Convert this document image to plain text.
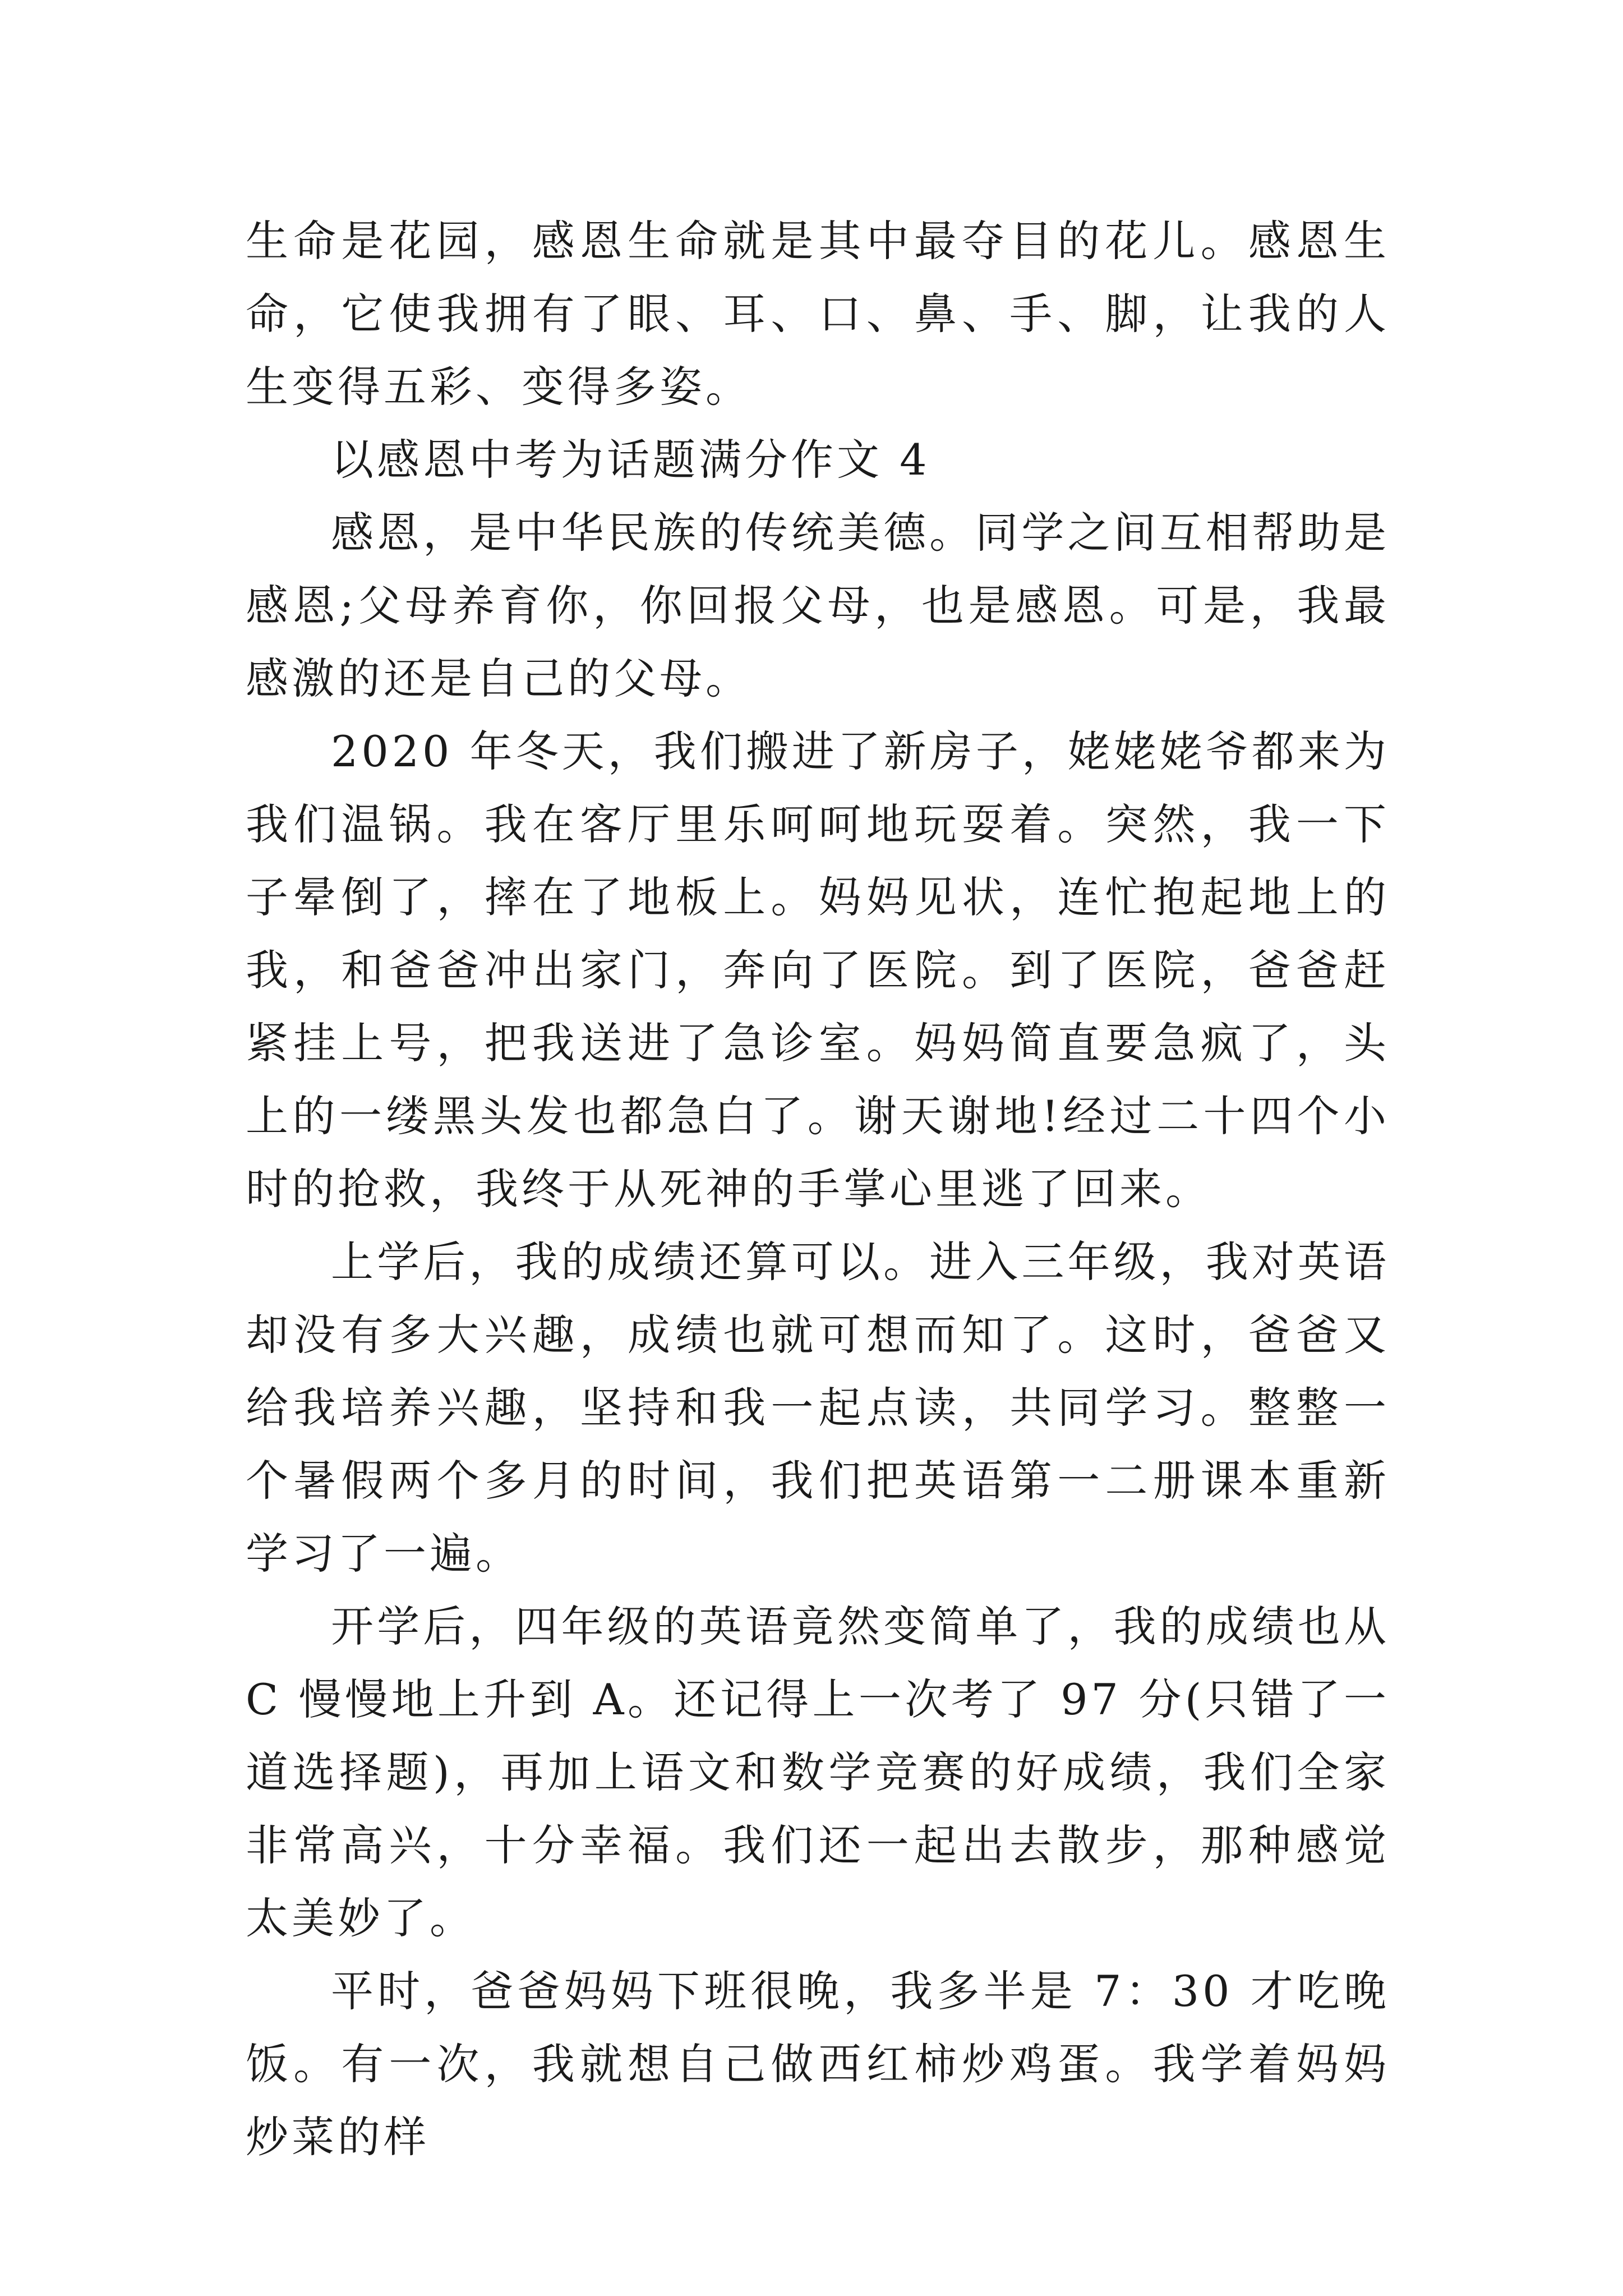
生命是花园，感恩生命就是其中最夺目的花儿。感恩生命，它使我拥有了眼、耳、口、鼻、手、脚，让我的人生变得五彩、变得多姿。

以感恩中考为话题满分作文 4

感恩，是中华民族的传统美德。同学之间互相帮助是感恩;父母养育你，你回报父母，也是感恩。可是，我最感激的还是自己的父母。

2020 年冬天，我们搬进了新房子，姥姥姥爷都来为我们温锅。我在客厅里乐呵呵地玩耍着。突然，我一下子晕倒了，摔在了地板上。妈妈见状，连忙抱起地上的我，和爸爸冲出家门，奔向了医院。到了医院，爸爸赶紧挂上号，把我送进了急诊室。妈妈简直要急疯了，头上的一缕黑头发也都急白了。谢天谢地!经过二十四个小时的抢救，我终于从死神的手掌心里逃了回来。

上学后，我的成绩还算可以。进入三年级，我对英语却没有多大兴趣，成绩也就可想而知了。这时，爸爸又给我培养兴趣，坚持和我一起点读，共同学习。整整一个暑假两个多月的时间，我们把英语第一二册课本重新学习了一遍。

开学后，四年级的英语竟然变简单了，我的成绩也从 C 慢慢地上升到 A。还记得上一次考了 97 分(只错了一道选择题)，再加上语文和数学竞赛的好成绩，我们全家非常高兴，十分幸福。我们还一起出去散步，那种感觉太美妙了。

平时，爸爸妈妈下班很晚，我多半是 7：30 才吃晚饭。有一次，我就想自己做西红柿炒鸡蛋。我学着妈妈炒菜的样
